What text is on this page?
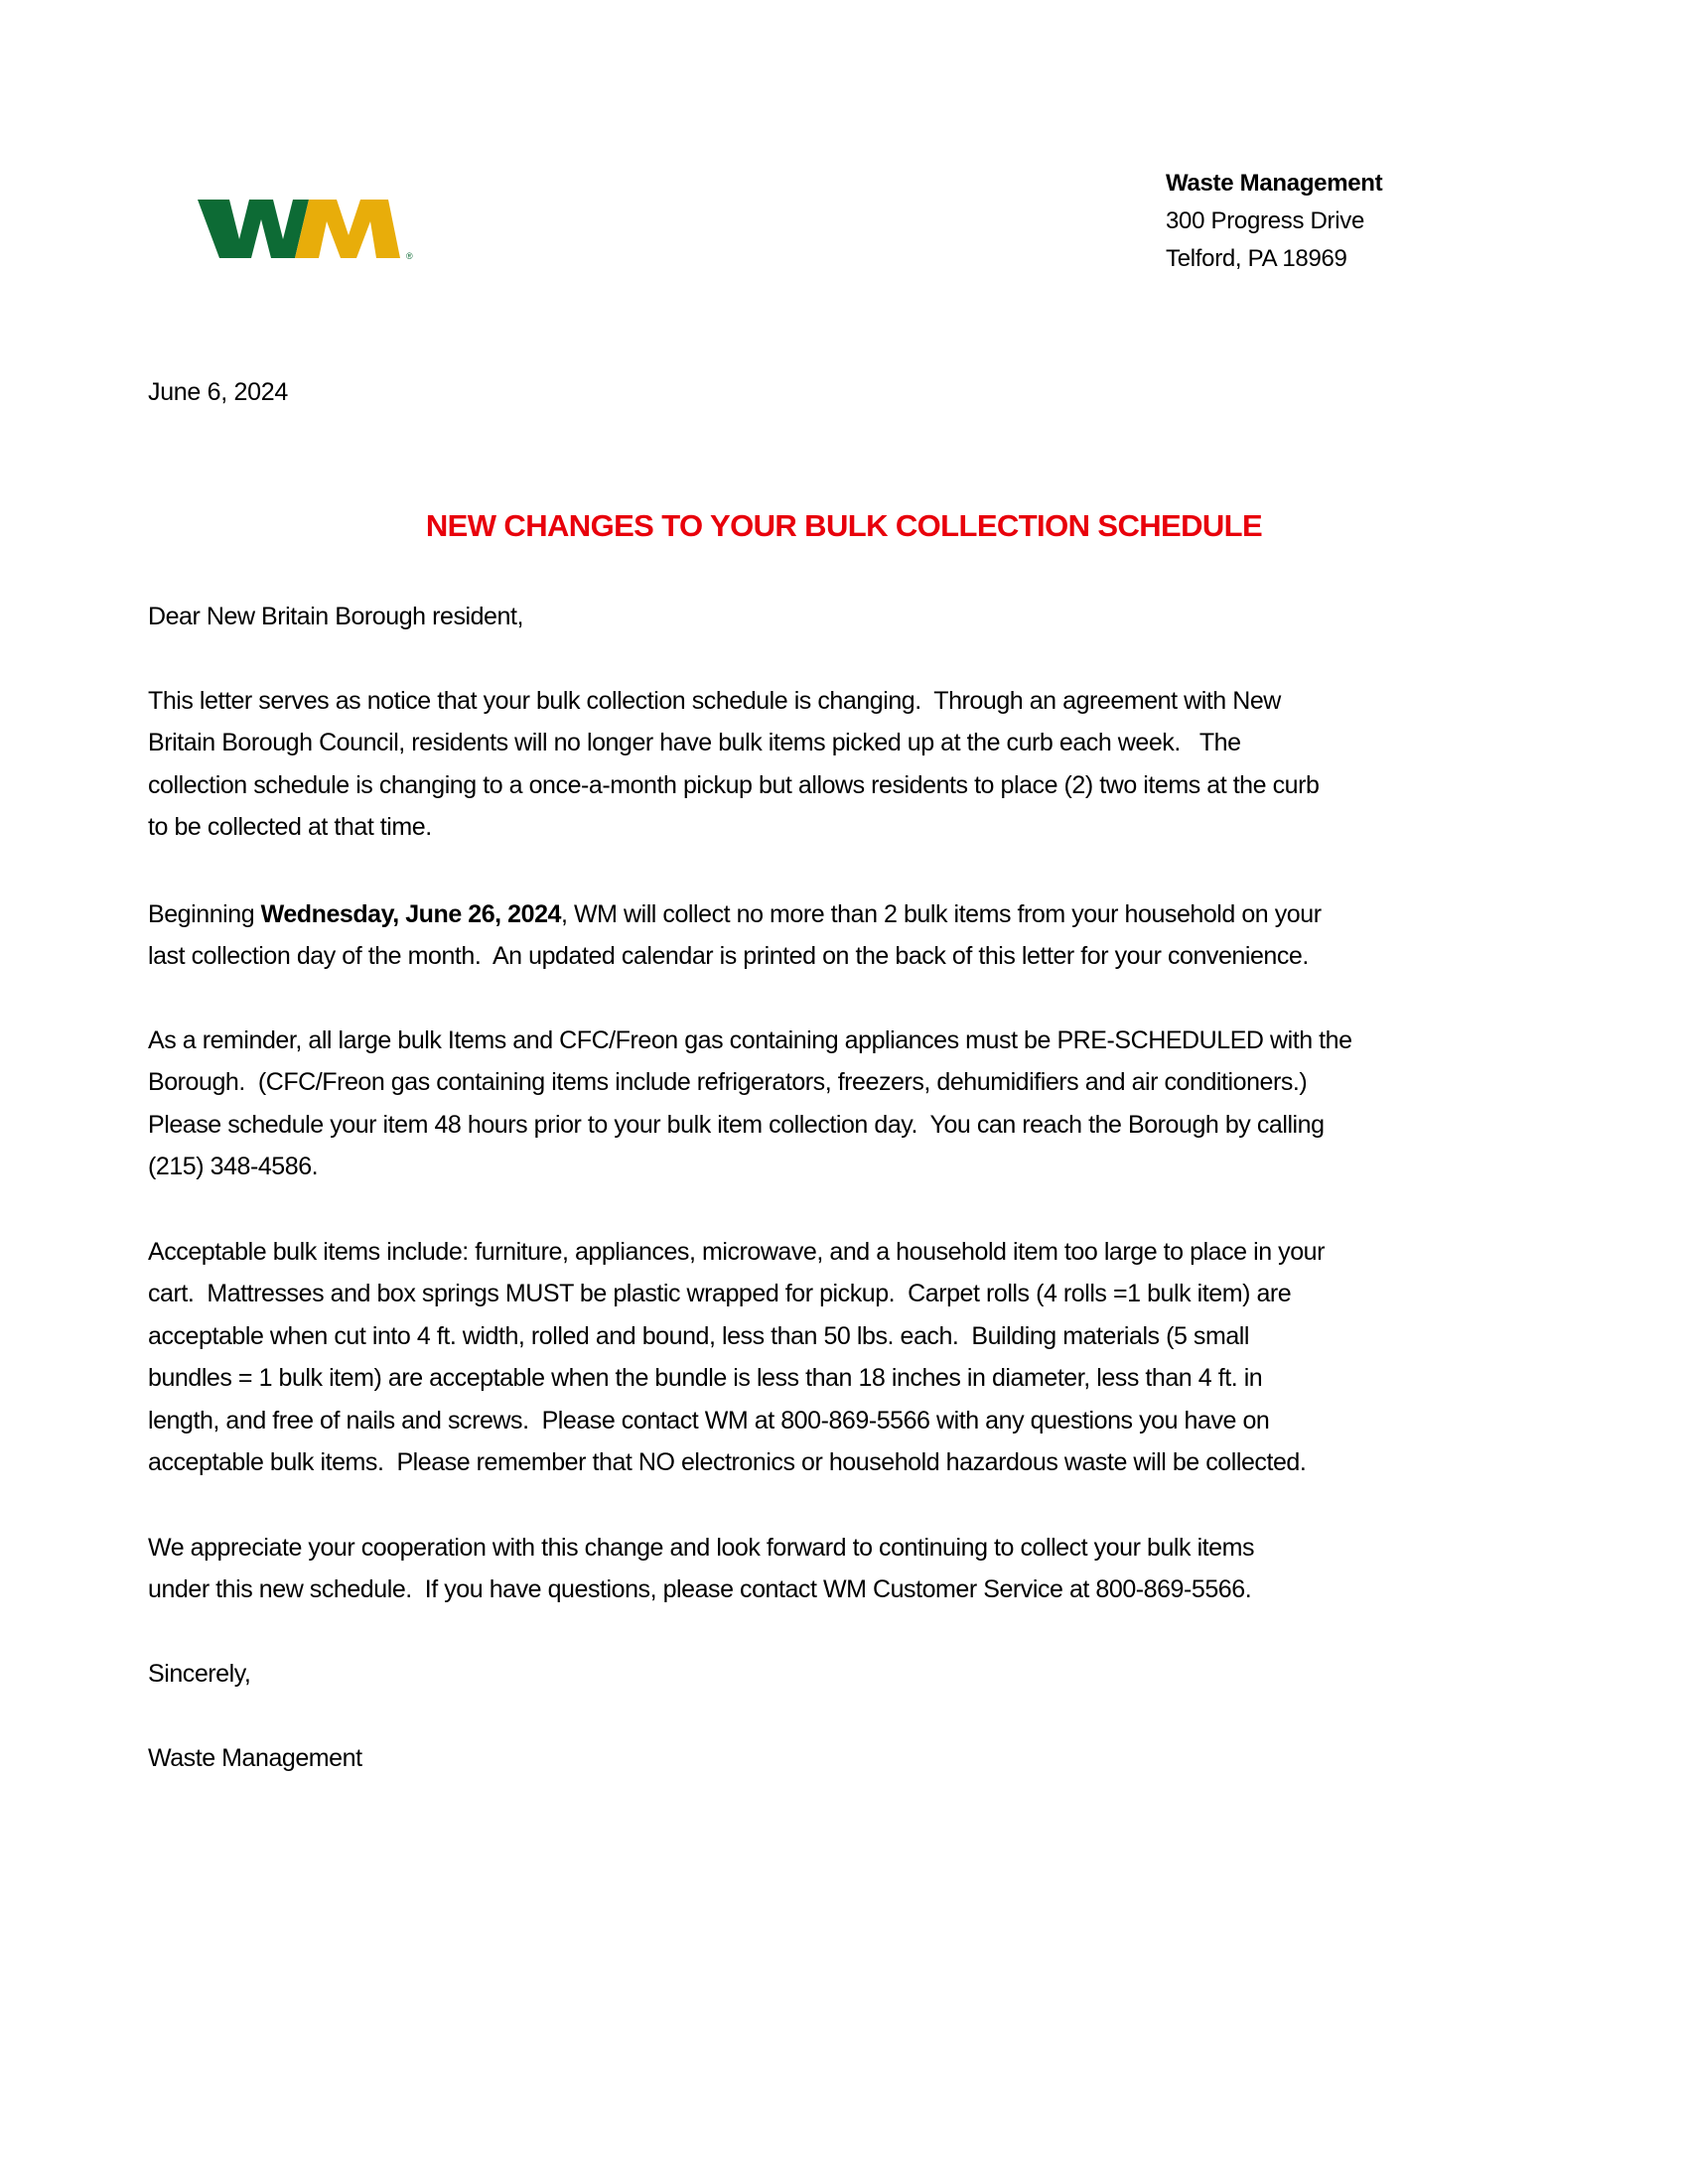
®
Waste Management
300 Progress Drive
Telford, PA 18969
June 6, 2024
NEW CHANGES TO YOUR BULK COLLECTION SCHEDULE
Dear New Britain Borough resident,
This letter serves as notice that your bulk collection schedule is changing.  Through an agreement with New
Britain Borough Council, residents will no longer have bulk items picked up at the curb each week.   The
collection schedule is changing to a once-a-month pickup but allows residents to place (2) two items at the curb
to be collected at that time.
Beginning Wednesday, June 26, 2024, WM will collect no more than 2 bulk items from your household on your
last collection day of the month.  An updated calendar is printed on the back of this letter for your convenience.
As a reminder, all large bulk Items and CFC/Freon gas containing appliances must be PRE-SCHEDULED with the
Borough.  (CFC/Freon gas containing items include refrigerators, freezers, dehumidifiers and air conditioners.)
Please schedule your item 48 hours prior to your bulk item collection day.  You can reach the Borough by calling
(215) 348-4586.
Acceptable bulk items include: furniture, appliances, microwave, and a household item too large to place in your
cart.  Mattresses and box springs MUST be plastic wrapped for pickup.  Carpet rolls (4 rolls =1 bulk item) are
acceptable when cut into 4 ft. width, rolled and bound, less than 50 lbs. each.  Building materials (5 small
bundles = 1 bulk item) are acceptable when the bundle is less than 18 inches in diameter, less than 4 ft. in
length, and free of nails and screws.  Please contact WM at 800-869-5566 with any questions you have on
acceptable bulk items.  Please remember that NO electronics or household hazardous waste will be collected.
We appreciate your cooperation with this change and look forward to continuing to collect your bulk items
under this new schedule.  If you have questions, please contact WM Customer Service at 800-869-5566.
Sincerely,
Waste Management
